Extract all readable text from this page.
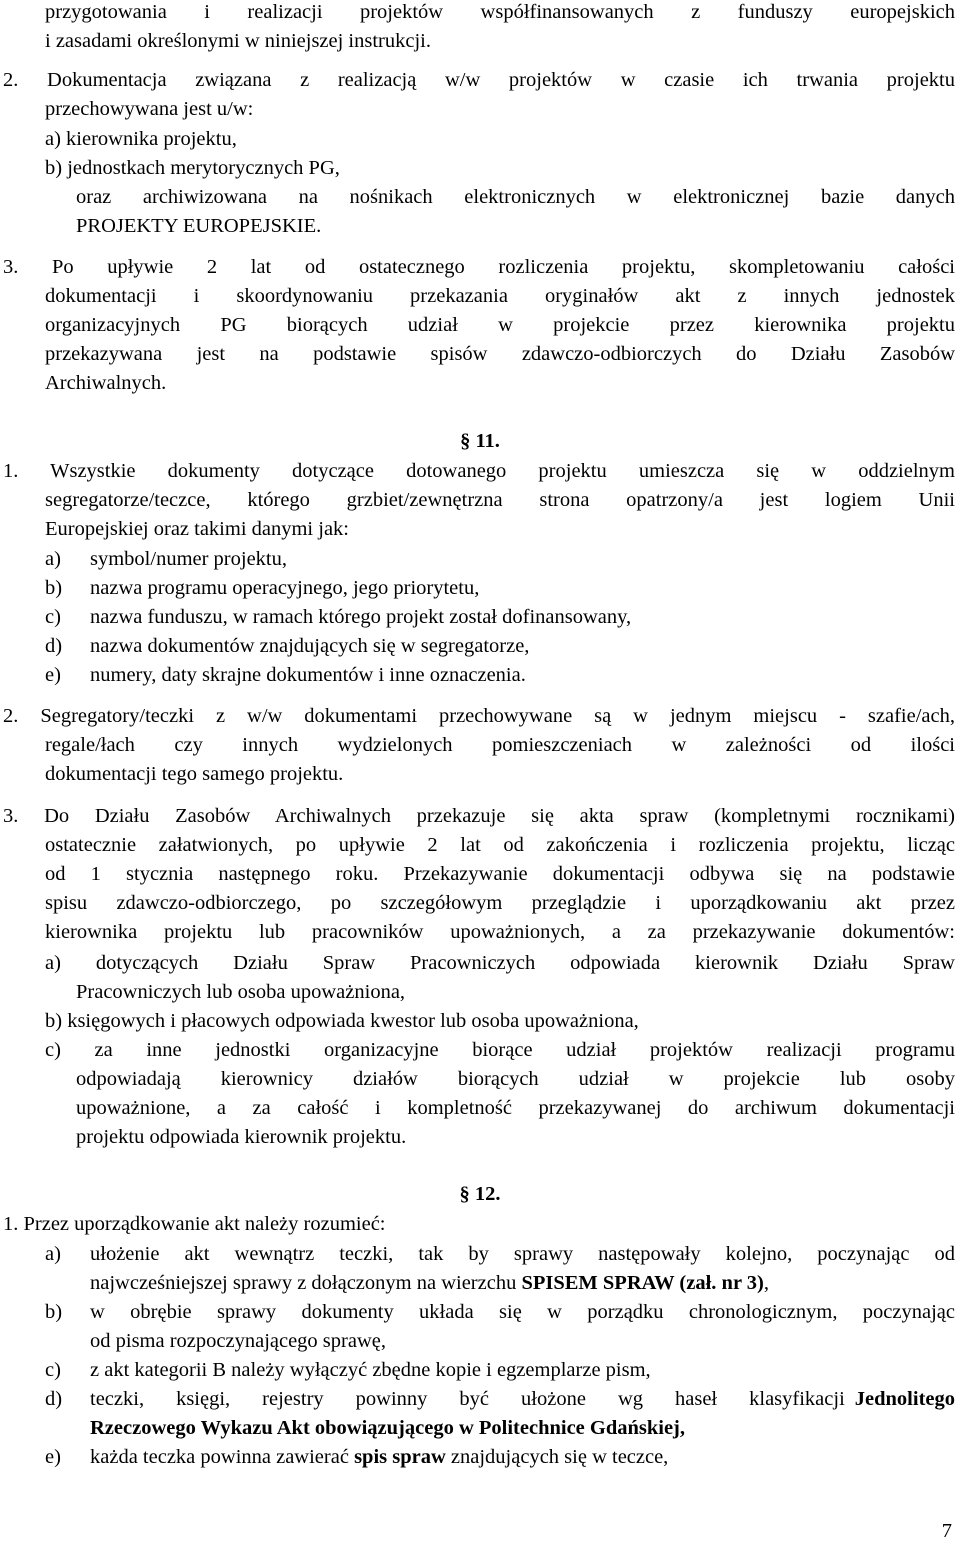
przygotowania i realizacji projektów współfinansowanych z funduszy europejskich
i zasadami określonymi w niniejszej instrukcji.
2. Dokumentacja związana z realizacją w/w projektów w czasie ich trwania projektu
przechowywana jest u/w:
a) kierownika projektu,
b) jednostkach merytorycznych PG,
oraz archiwizowana na nośnikach elektronicznych w elektronicznej bazie danych
PROJEKTY EUROPEJSKIE.
3. Po upływie 2 lat od ostatecznego rozliczenia projektu, skompletowaniu całości
dokumentacji i skoordynowaniu przekazania oryginałów akt z innych jednostek
organizacyjnych PG biorących udział w projekcie przez kierownika projektu
przekazywana jest na podstawie spisów zdawczo-odbiorczych do Działu Zasobów
Archiwalnych.
1. Wszystkie dokumenty dotyczące dotowanego projektu umieszcza się w oddzielnym
segregatorze/teczce, którego grzbiet/zewnętrzna strona opatrzony/a jest logiem Unii
Europejskiej oraz takimi danymi jak:
2. Segregatory/teczki z w/w dokumentami przechowywane są w jednym miejscu - szafie/ach,
regale/łach czy innych wydzielonych pomieszczeniach w zależności od ilości
dokumentacji tego samego projektu.
3. Do Działu Zasobów Archiwalnych przekazuje się akta spraw (kompletnymi rocznikami)
ostatecznie załatwionych, po upływie 2 lat od zakończenia i rozliczenia projektu, licząc
od 1 stycznia następnego roku. Przekazywanie dokumentacji odbywa się na podstawie
spisu zdawczo-odbiorczego, po szczegółowym przeglądzie i uporządkowaniu akt przez
kierownika projektu lub pracowników upoważnionych, a za przekazywanie dokumentów:
a) dotyczących Działu Spraw Pracowniczych odpowiada kierownik Działu Spraw
Pracowniczych lub osoba upoważniona,
b) księgowych i płacowych odpowiada kwestor lub osoba upoważniona,
c) za inne jednostki organizacyjne biorące udział projektów realizacji programu
odpowiadają kierownicy działów biorących udział w projekcie lub osoby
upoważnione, a za całość i kompletność przekazywanej do archiwum dokumentacji
projektu odpowiada kierownik projektu.
1. Przez uporządkowanie akt należy rozumieć:
§ 11.
§ 12.
a) symbol/numer projektu,
b) nazwa programu operacyjnego, jego priorytetu,
c) nazwa funduszu, w ramach którego projekt został dofinansowany,
d) nazwa dokumentów znajdujących się w segregatorze,
e) numery, daty skrajne dokumentów i inne oznaczenia.
a) ułożenie akt wewnątrz teczki, tak by sprawy następowały kolejno, poczynając od
najwcześniejszej sprawy z dołączonym na wierzchu SPISEM SPRAW (zał. nr 3),
b) w obrębie sprawy dokumenty układa się w porządku chronologicznym, poczynając
od pisma rozpoczynającego sprawę,
c) z akt kategorii B należy wyłączyć zbędne kopie i egzemplarze pism,
d) teczki, księgi, rejestry powinny być ułożone wg haseł klasyfikacji Jednolitego
Rzeczowego Wykazu Akt obowiązującego w Politechnice Gdańskiej,
e) każda teczka powinna zawierać spis spraw znajdujących się w teczce,
7
